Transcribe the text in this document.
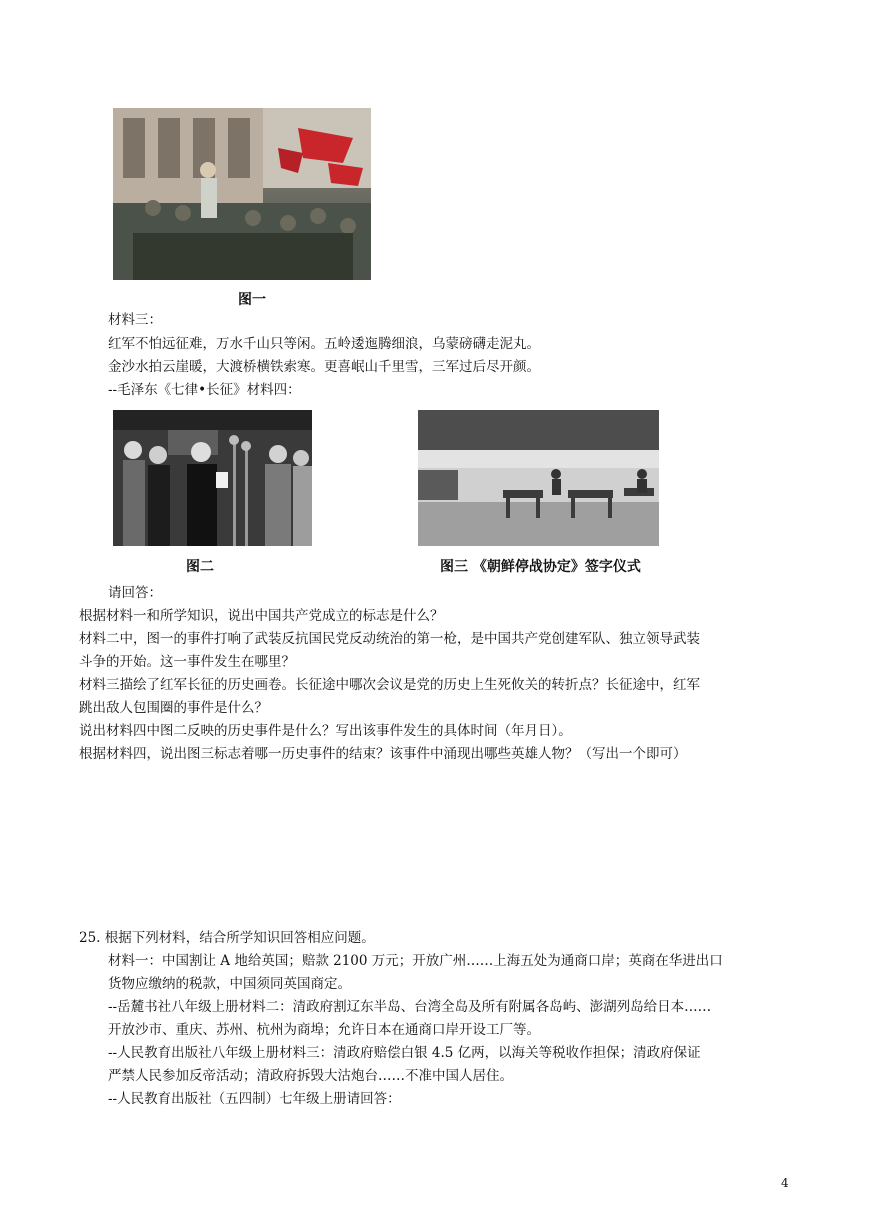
图一
材料三：
红军不怕远征难，万水千山只等闲。五岭逶迤腾细浪，乌蒙磅礴走泥丸。
金沙水拍云崖暖，大渡桥横铁索寒。更喜岷山千里雪，三军过后尽开颜。
--毛泽东《七律•长征》材料四：
图二	图三 《朝鲜停战协定》签字仪式
请回答：
根据材料一和所学知识，说出中国共产党成立的标志是什么？
材料二中，图一的事件打响了武装反抗国民党反动统治的第一枪，是中国共产党创建军队、独立领导武装
斗争的开始。这一事件发生在哪里？
材料三描绘了红军长征的历史画卷。长征途中哪次会议是党的历史上生死攸关的转折点？长征途中，红军
跳出敌人包围圈的事件是什么？
说出材料四中图二反映的历史事件是什么？写出该事件发生的具体时间（年月日）。
根据材料四，说出图三标志着哪一历史事件的结束？该事件中涌现出哪些英雄人物？（写出一个即可）
25. 根据下列材料，结合所学知识回答相应问题。
材料一：中国割让 A 地给英国；赔款 2100 万元；开放广州……上海五处为通商口岸；英商在华进出口
货物应缴纳的税款，中国须同英国商定。
--岳麓书社八年级上册材料二：清政府割辽东半岛、台湾全岛及所有附属各岛屿、澎湖列岛给日本……
开放沙市、重庆、苏州、杭州为商埠；允许日本在通商口岸开设工厂等。
--人民教育出版社八年级上册材料三：清政府赔偿白银 4.5 亿两，以海关等税收作担保；清政府保证
严禁人民参加反帝活动；清政府拆毁大沽炮台……不准中国人居住。
--人民教育出版社（五四制）七年级上册请回答：
4
